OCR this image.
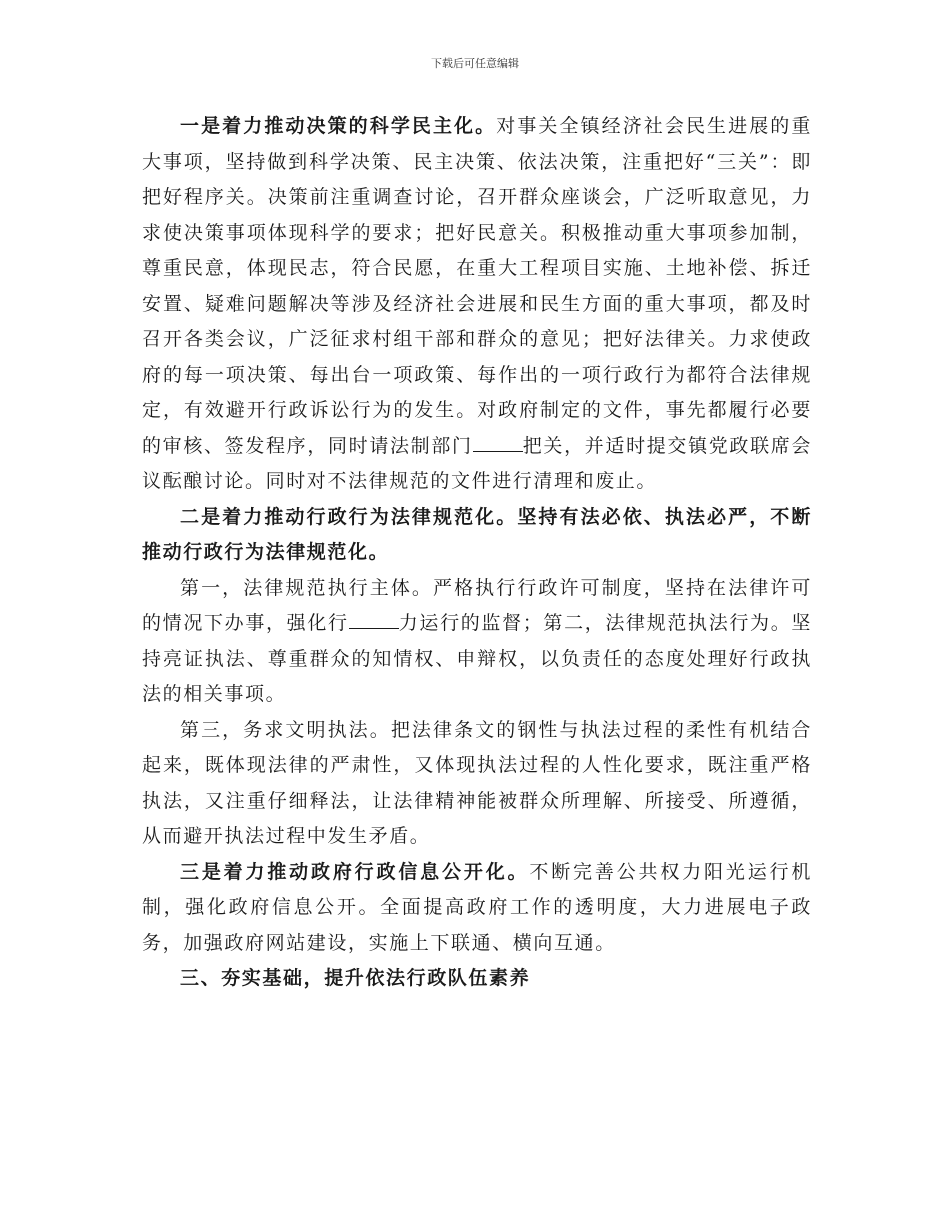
下载后可任意编辑

一是着力推动决策的科学民主化。对事关全镇经济社会民生进展的重大事项，坚持做到科学决策、民主决策、依法决策，注重把好“三关”：即把好程序关。决策前注重调查讨论，召开群众座谈会，广泛听取意见，力求使决策事项体现科学的要求；把好民意关。积极推动重大事项参加制，尊重民意，体现民志，符合民愿，在重大工程项目实施、土地补偿、拆迁安置、疑难问题解决等涉及经济社会进展和民生方面的重大事项，都及时召开各类会议，广泛征求村组干部和群众的意见；把好法律关。力求使政府的每一项决策、每出台一项政策、每作出的一项行政行为都符合法律规定，有效避开行政诉讼行为的发生。对政府制定的文件，事先都履行必要的审核、签发程序，同时请法制部门	把关，并适时提交镇党政联席会议酝酿讨论。同时对不法律规范的文件进行清理和废止。

二是着力推动行政行为法律规范化。坚持有法必依、执法必严，不断推动行政行为法律规范化。

第一，法律规范执行主体。严格执行行政许可制度，坚持在法律许可的情况下办事，强化行	力运行的监督；第二，法律规范执法行为。坚持亮证执法、尊重群众的知情权、申辩权，以负责任的态度处理好行政执法的相关事项。

第三，务求文明执法。把法律条文的钢性与执法过程的柔性有机结合起来，既体现法律的严肃性，又体现执法过程的人性化要求，既注重严格执法，又注重仔细释法，让法律精神能被群众所理解、所接受、所遵循，从而避开执法过程中发生矛盾。

三是着力推动政府行政信息公开化。不断完善公共权力阳光运行机制，强化政府信息公开。全面提高政府工作的透明度，大力进展电子政务，加强政府网站建设，实施上下联通、横向互通。

三、夯实基础，提升依法行政队伍素养
